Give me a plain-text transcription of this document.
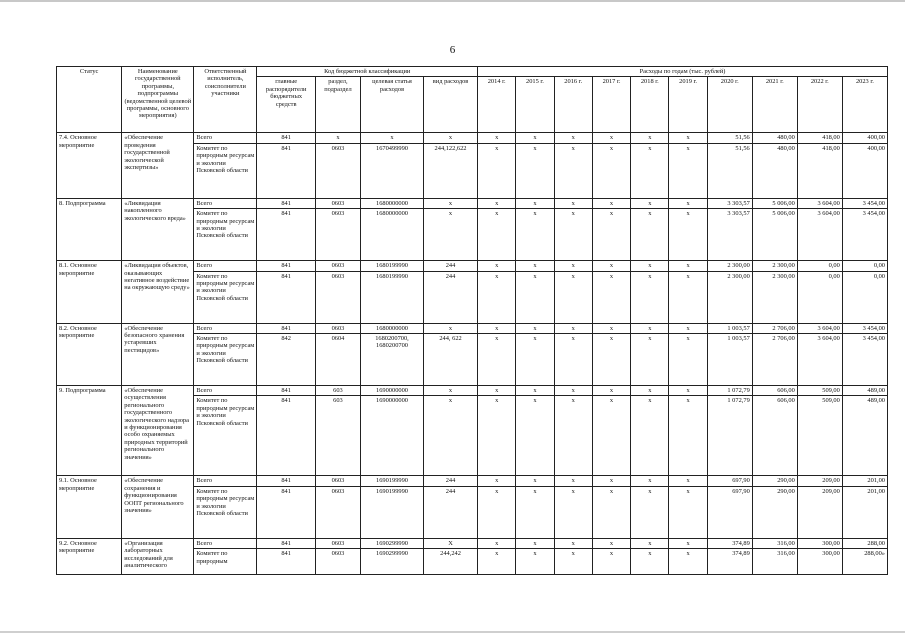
6
Статус	Наименование государственной программы, подпрограммы (ведомственной целевой программы, основного мероприятия)	Ответственный исполнитель, соисполнители участники	Код бюджетной классификации				Расходы по годам (тыс. рублей)									
			главные распорядители бюджетных средств	раздел, подраздел	целевая статья расходов	вид расходов	2014 г.	2015 г.	2016 г.	2017 г.	2018 г.	2019 г.	2020 г.	2021 г.	2022 г.	2023 г.
7.4. Основное мероприятие	«Обеспечение проведения государственной экологической экспертизы»	Всего	841	x	x	x	x	x	x	x	x	x	51,56	480,00	418,00	400,00
		Комитет по природным ресурсам и экологии Псковской области	841	0603	1670499990	244,122,622	x	x	x	x	x	x	51,56	480,00	418,00	400,00
8. Подпрограмма	«Ликвидация накопленного экологического вреда»	Всего	841	0603	1680000000	x	x	x	x	x	x	x	3 303,57	5 006,00	3 604,00	3 454,00
		Комитет по природным ресурсам и экологии Псковской области	841	0603	1680000000	x	x	x	x	x	x	x	3 303,57	5 006,00	3 604,00	3 454,00
8.1. Основное мероприятие	«Ликвидация объектов, оказывающих негативное воздействие на окружающую среду»	Всего	841	0603	1680199990	244	x	x	x	x	x	x	2 300,00	2 300,00	0,00	0,00
		Комитет по природным ресурсам и экологии Псковской области	841	0603	1680199990	244	x	x	x	x	x	x	2 300,00	2 300,00	0,00	0,00
8.2. Основное мероприятие	«Обеспечение безопасного хранения устаревших пестицидов»	Всего	841	0603	1680000000	x	x	x	x	x	x	x	1 003,57	2 706,00	3 604,00	3 454,00
		Комитет по природным ресурсам и экологии Псковской области	842	0604	1680200700, 1680200700	244, 622	x	x	x	x	x	x	1 003,57	2 706,00	3 604,00	3 454,00
9. Подпрограмма	«Обеспечение осуществления регионального государственного экологического надзора и функционирования особо охраняемых природных территорий регионального значения»	Всего	841	603	1690000000	x	x	x	x	x	x	x	1 072,79	606,00	509,00	489,00
		Комитет по природным ресурсам и экологии Псковской области	841	603	1690000000	x	x	x	x	x	x	x	1 072,79	606,00	509,00	489,00
9.1. Основное мероприятие	«Обеспечение сохранения и функционирования ООПТ регионального значения»	Всего	841	0603	1690199990	244	x	x	x	x	x	x	697,90	290,00	209,00	201,00
		Комитет по природным ресурсам и экологии Псковской области	841	0603	1690199990	244	x	x	x	x	x	x	697,90	290,00	209,00	201,00
9.2. Основное мероприятие	«Организация лабораторных исследований для аналитического	Всего	841	0603	1690299990	X	x	x	x	x	x	x	374,89	316,00	300,00	288,00
		Комитет по природным	841	0603	1690299990	244,242	x	x	x	x	x	x	374,89	316,00	300,00	288,00»
